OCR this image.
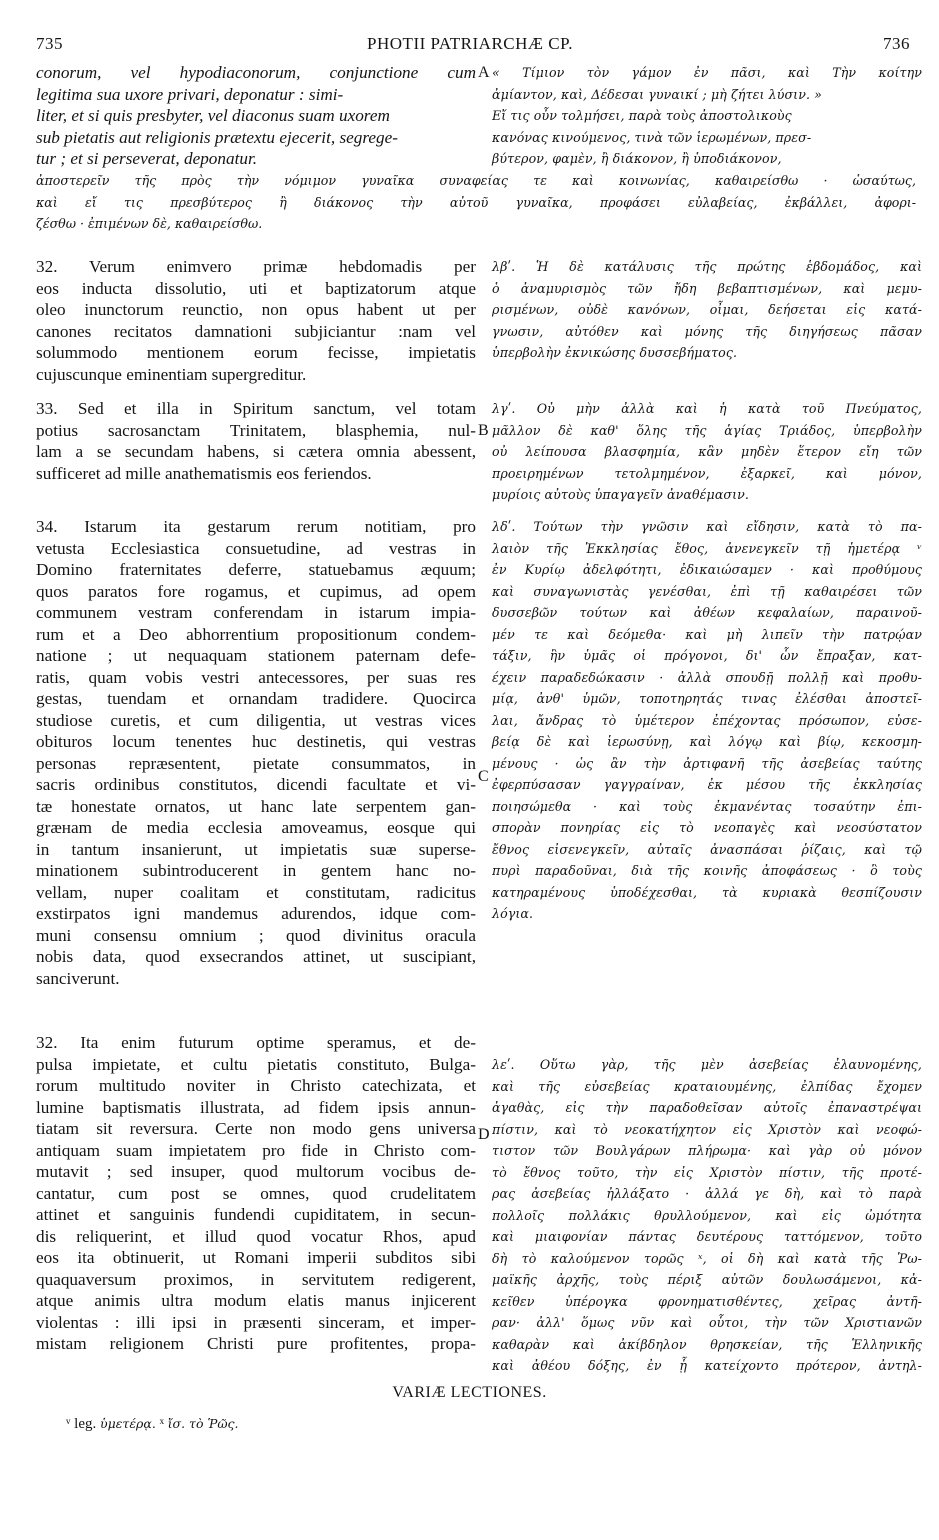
735	PHOTII PATRIARCHÆ CP.	736
conorum, vel hypodiaconorum, conjunctione cum
legitima sua uxore privari, deponatur : simi-
liter, et si quis presbyter, vel diaconus suam uxorem
sub pietatis aut religionis prætextu ejecerit, segrege-
tur ; et si perseverat, deponatur.
« Τίμιον τὸν γάμον ἐν πᾶσι, καὶ Τὴν κοίτην
ἀμίαντον, καὶ, Δέδεσαι γυναικί ; μὴ ζήτει λύσιν. »
Εἴ τις οὖν τολμήσει, παρὰ τοὺς ἀποστολικοὺς
κανόνας κινούμενος, τινὰ τῶν ἱερωμένων, πρεσ-
βύτερον, φαμὲν, ἢ διάκονον, ἢ ὑποδιάκονον,
A
ἀποστερεῖν τῆς πρὸς τὴν νόμιμον γυναῖκα συναφείας τε καὶ κοινωνίας, καθαιρείσθω · ὡσαύτως,
καὶ εἴ τις πρεσβύτερος ἢ διάκονος τὴν αὐτοῦ γυναῖκα, προφάσει εὐλαβείας, ἐκβάλλει, ἀφορι-
ζέσθω · ἐπιμένων δὲ, καθαιρείσθω.
32. Verum enimvero primæ hebdomadis per
eos inducta dissolutio, uti et baptizatorum atque
oleo inunctorum reunctio, non opus habent ut per
canones recitatos damnationi subjiciantur :nam vel
solummodo mentionem eorum fecisse, impietatis
cujuscunque eminentiam supergreditur.
λβʹ. Ἡ δὲ κατάλυσις τῆς πρώτης ἑβδομάδος, καὶ
ὁ ἀναμυρισμὸς τῶν ἤδη βεβαπτισμένων, καὶ μεμυ-
ρισμένων, οὐδὲ κανόνων, οἶμαι, δεήσεται εἰς κατά-
γνωσιν, αὐτόθεν καὶ μόνης τῆς διηγήσεως πᾶσαν
ὑπερβολὴν ἐκνικώσης δυσσεβήματος.
33. Sed et illa in Spiritum sanctum, vel totam
potius sacrosanctam Trinitatem, blasphemia, nul-
lam a se secundam habens, si cætera omnia abessent,
sufficeret ad mille anathematismis eos feriendos.
λγʹ. Οὐ μὴν ἀλλὰ καὶ ἡ κατὰ τοῦ Πνεύματος,
μᾶλλον δὲ καθ' ὅλης τῆς ἁγίας Τριάδος, ὑπερβολὴν
οὐ λείπουσα βλασφημία, κἂν μηδὲν ἕτερον εἴη τῶν
προειρημένων τετολμημένον, ἐξαρκεῖ, καὶ μόνον,
μυρίοις αὐτοὺς ὑπαγαγεῖν ἀναθέμασιν.
B
34. Istarum ita gestarum rerum notitiam, pro
vetusta Ecclesiastica consuetudine, ad vestras in
Domino fraternitates deferre, statuebamus æquum;
quos paratos fore rogamus, et cupimus, ad opem
communem vestram conferendam in istarum impia-
rum et a Deo abhorrentium propositionum condem-
natione ; ut nequaquam stationem paternam defe-
ratis, quam vobis vestri antecessores, per suas res
gestas, tuendam et ornandam tradidere. Quocirca
studiose curetis, et cum diligentia, ut vestras vices
obituros locum tenentes huc destinetis, qui vestras
personas repræsentent, pietate consummatos, in
sacris ordinibus constitutos, dicendi facultate et vi-
tæ honestate ornatos, ut hanc late serpentem gan-
græнam de media ecclesia amoveamus, eosque qui
in tantum insanierunt, ut impietatis suæ superse-
minationem subintroducerent in gentem hanc no-
vellam, nuper coalitam et constitutam, radicitus
exstirpatos igni mandemus adurendos, idque com-
muni consensu omnium ; quod divinitus oracula
nobis data, quod exsecrandos attinet, ut suscipiant,
sanciverunt.
λδʹ. Τούτων τὴν γνῶσιν καὶ εἴδησιν, κατὰ τὸ πα-
λαιὸν τῆς Ἐκκλησίας ἔθος, ἀνενεγκεῖν τῇ ἡμετέρᾳ ᵛ
ἐν Κυρίῳ ἀδελφότητι, ἐδικαιώσαμεν · καὶ προθύμους
καὶ συναγωνιστὰς γενέσθαι, ἐπὶ τῇ καθαιρέσει τῶν
δυσσεβῶν τούτων καὶ ἀθέων κεφαλαίων, παραινοῦ-
μέν τε καὶ δεόμεθα· καὶ μὴ λιπεῖν τὴν πατρῴαν
τάξιν, ἣν ὑμᾶς οἱ πρόγονοι, δι' ὧν ἔπραξαν, κατ-
έχειν παραδεδώκασιν · ἀλλὰ σπουδῇ πολλῇ καὶ προθυ-
μίᾳ, ἀνθ' ὑμῶν, τοποτηρητάς τινας ἐλέσθαι ἀποστεῖ-
λαι, ἄνδρας τὸ ὑμέτερον ἐπέχοντας πρόσωπον, εὐσε-
βείᾳ δὲ καὶ ἱερωσύνῃ, καὶ λόγῳ καὶ βίῳ, κεκοσμη-
μένους · ὡς ἂν τὴν ἀρτιφανῆ τῆς ἀσεβείας ταύτης
ἐφερπύσασαν γαγγραίναν, ἐκ μέσου τῆς ἐκκλησίας
ποιησώμεθα · καὶ τοὺς ἐκμανέντας τοσαύτην ἐπι-
σπορὰν πονηρίας εἰς τὸ νεοπαγὲς καὶ νεοσύστατον
ἔθνος εἰσενεγκεῖν, αὐταῖς ἀνασπάσαι ῥίζαις, καὶ τῷ
πυρὶ παραδοῦναι, διὰ τῆς κοινῆς ἀποφάσεως · ὃ τοὺς
κατηραμένους ὑποδέχεσθαι, τὰ κυριακὰ θεσπίζουσιν
λόγια.
C
32. Ita enim futurum optime speramus, et de-
pulsa impietate, et cultu pietatis constituto, Bulga-
rorum multitudo noviter in Christo catechizata, et
lumine baptismatis illustrata, ad fidem ipsis annun-
tiatam sit reversura. Certe non modo gens universa
antiquam suam impietatem pro fide in Christo com-
mutavit ; sed insuper, quod multorum vocibus de-
cantatur, cum post se omnes, quod crudelitatem
attinet et sanguinis fundendi cupiditatem, in secun-
dis reliquerint, et illud quod vocatur Rhos, apud
eos ita obtinuerit, ut Romani imperii subditos sibi
quaquaversum proximos, in servitutem redigerent,
atque animis ultra modum elatis manus injicerent
violentas : illi ipsi in præsenti sinceram, et imper-
mistam religionem Christi pure profitentes, propa-
λεʹ. Οὕτω γὰρ, τῆς μὲν ἀσεβείας ἐλαυνομένης,
καὶ τῆς εὐσεβείας κραταιουμένης, ἐλπίδας ἔχομεν
ἀγαθὰς, εἰς τὴν παραδοθεῖσαν αὐτοῖς ἐπαναστρέψαι
πίστιν, καὶ τὸ νεοκατήχητον εἰς Χριστὸν καὶ νεοφώ-
τιστον τῶν Βουλγάρων πλήρωμα· καὶ γὰρ οὐ μόνον
τὸ ἔθνος τοῦτο, τὴν εἰς Χριστὸν πίστιν, τῆς προτέ-
ρας ἀσεβείας ἠλλάξατο · ἀλλά γε δὴ, καὶ τὸ παρὰ
πολλοῖς πολλάκις θρυλλούμενον, καὶ εἰς ὠμότητα
καὶ μιαιφονίαν πάντας δευτέρους ταττόμενον, τοῦτο
δὴ τὸ καλούμενον τορῶς ˣ, οἱ δὴ καὶ κατὰ τῆς Ῥω-
μαϊκῆς ἀρχῆς, τοὺς πέριξ αὐτῶν δουλωσάμενοι, κἀ-
κεῖθεν ὑπέρογκα φρονηματισθέντες, χεῖρας ἀντῆ-
ραν· ἀλλ' ὅμως νῦν καὶ οὗτοι, τὴν τῶν Χριστιανῶν
καθαρὰν καὶ ἀκίβδηλον θρησκείαν, τῆς Ἑλληνικῆς
καὶ ἀθέου δόξης, ἐν ᾗ κατείχοντο πρότερον, ἀντηλ-
D
VARIÆ LECTIONES.
ᵛ leg. ὑμετέρᾳ. ˣ ἴσ. τὸ Ῥῶς.
